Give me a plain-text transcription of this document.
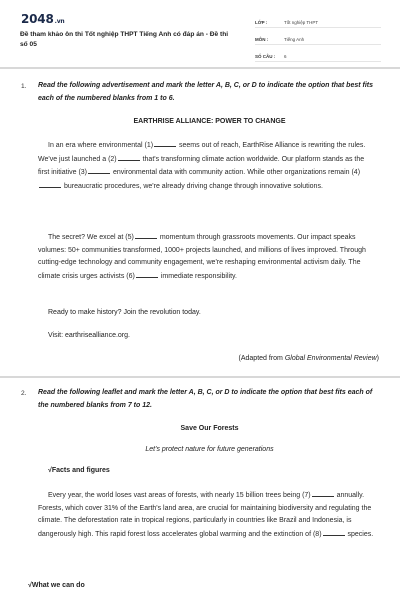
2048.vn
Đề tham khảo ôn thi Tốt nghiệp THPT Tiếng Anh có đáp án - Đề thi số 05
LỚP :	Tốt nghiệp THPT
MÔN :	Tiếng Anh
SỐ CÂU :	6
1. Read the following advertisement and mark the letter A, B, C, or D to indicate the option that best fits each of the numbered blanks from 1 to 6.
EARTHRISE ALLIANCE: POWER TO CHANGE

In an era where environmental (1)	seems out of reach, EarthRise Alliance is rewriting the rules. We've just launched a (2)	that's transforming climate action worldwide. Our platform stands as the first initiative (3)	environmental data with community action. While other organizations remain (4)  bureaucratic procedures, we're already driving change through innovative solutions.

The secret? We excel at (5)	momentum through grassroots movements. Our impact speaks volumes: 50+ communities transformed, 1000+ projects launched, and millions of lives improved. Through cutting-edge technology and community engagement, we're reshaping environmental activism daily. The climate crisis urges activists (6)	immediate responsibility.

Ready to make history? Join the revolution today.
Visit: earthrisealliance.org.
(Adapted from Global Environmental Review)
2. Read the following leaflet and mark the letter A, B, C, or D to indicate the option that best fits each of the numbered blanks from 7 to 12.
Save Our Forests
Let's protect nature for future generations
√Facts and figures

Every year, the world loses vast areas of forests, with nearly 15 billion trees being (7)	annually. Forests, which cover 31% of the Earth's land area, are crucial for maintaining biodiversity and regulating the climate. The deforestation rate in tropical regions, particularly in countries like Brazil and Indonesia, is dangerously high. This rapid forest loss accelerates global warming and the extinction of (8)	species.

√What we can do
